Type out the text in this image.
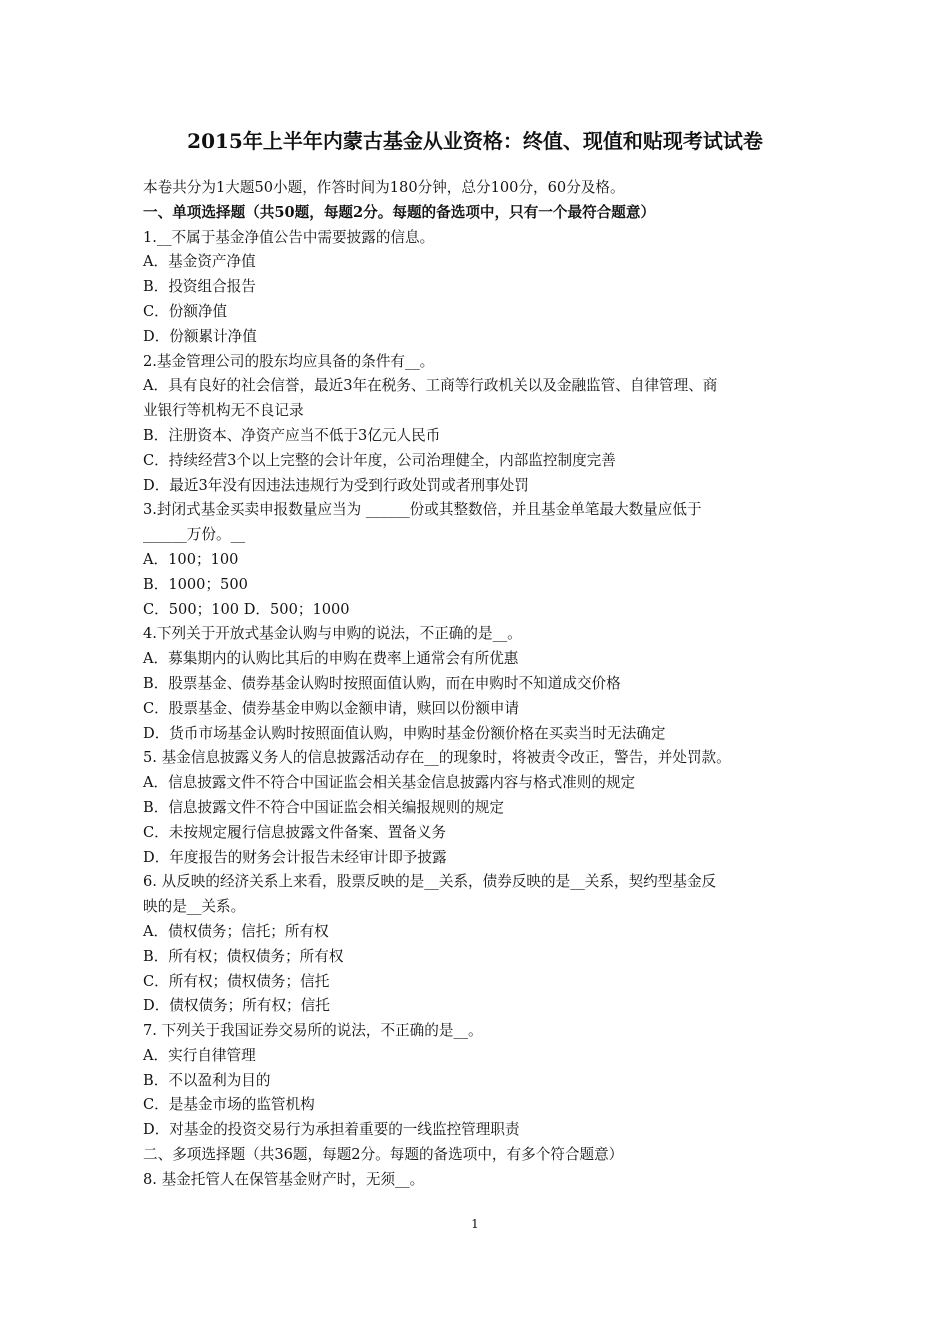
2015年上半年内蒙古基金从业资格：终值、现值和贴现考试试卷

本卷共分为1大题50小题，作答时间为180分钟，总分100分，60分及格。

一、单项选择题（共50题，每题2分。每题的备选项中，只有一个最符合题意）

1.__不属于基金净值公告中需要披露的信息。

A．基金资产净值

B．投资组合报告

C．份额净值

D．份额累计净值

2.基金管理公司的股东均应具备的条件有__。

A．具有良好的社会信誉，最近3年在税务、工商等行政机关以及金融监管、自律管理、商

业银行等机构无不良记录

B．注册资本、净资产应当不低于3亿元人民币

C．持续经营3个以上完整的会计年度，公司治理健全，内部监控制度完善

D．最近3年没有因违法违规行为受到行政处罚或者刑事处罚

3.封闭式基金买卖申报数量应当为 ______份或其整数倍，并且基金单笔最大数量应低于

______万份。__

A．100；100

B．1000；500

C．500；100 D．500；1000

4.下列关于开放式基金认购与申购的说法，不正确的是__。

A．募集期内的认购比其后的申购在费率上通常会有所优惠

B．股票基金、债券基金认购时按照面值认购，而在申购时不知道成交价格

C．股票基金、债券基金申购以金额申请，赎回以份额申请

D．货币市场基金认购时按照面值认购，申购时基金份额价格在买卖当时无法确定

5. 基金信息披露义务人的信息披露活动存在__的现象时，将被责令改正，警告，并处罚款。

A．信息披露文件不符合中国证监会相关基金信息披露内容与格式准则的规定

B．信息披露文件不符合中国证监会相关编报规则的规定

C．未按规定履行信息披露文件备案、置备义务

D．年度报告的财务会计报告未经审计即予披露

6. 从反映的经济关系上来看，股票反映的是__关系，债券反映的是__关系，契约型基金反

映的是__关系。

A．债权债务；信托；所有权

B．所有权；债权债务；所有权

C．所有权；债权债务；信托

D．债权债务；所有权；信托

7. 下列关于我国证券交易所的说法，不正确的是__。

A．实行自律管理

B．不以盈利为目的

C．是基金市场的监管机构

D．对基金的投资交易行为承担着重要的一线监控管理职责

二、多项选择题（共36题，每题2分。每题的备选项中，有多个符合题意）

8. 基金托管人在保管基金财产时，无须__。

1
